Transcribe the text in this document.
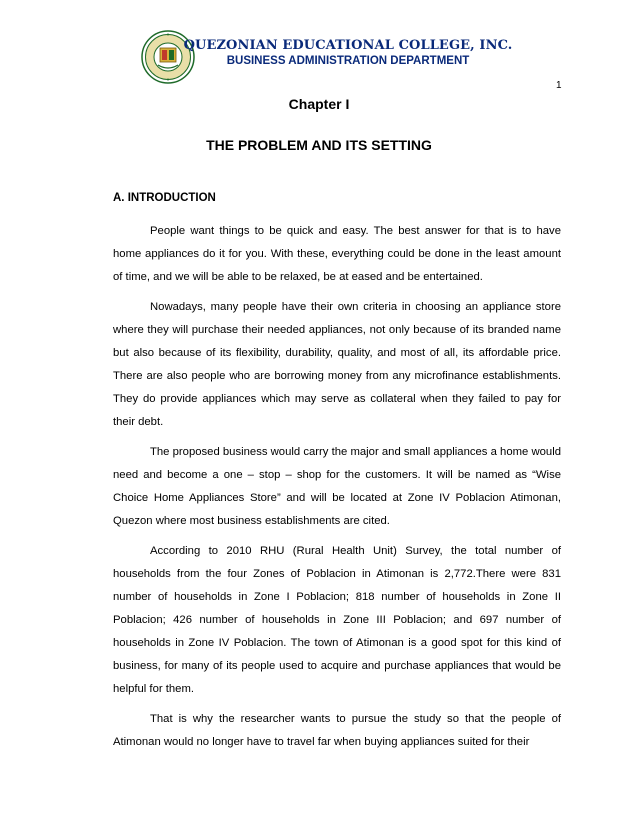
QUEZONIAN EDUCATIONAL COLLEGE, INC.
BUSINESS ADMINISTRATION DEPARTMENT
1
Chapter I
THE PROBLEM AND ITS SETTING
A. INTRODUCTION

People want things to be quick and easy. The best answer for that is to have home appliances do it for you. With these, everything could be done in the least amount of time, and we will be able to be relaxed, be at eased and be entertained.

Nowadays, many people have their own criteria in choosing an appliance store where they will purchase their needed appliances, not only because of its branded name but also because of its flexibility, durability, quality, and most of all, its affordable price. There are also people who are borrowing money from any microfinance establishments. They do provide appliances which may serve as collateral when they failed to pay for their debt.

The proposed business would carry the major and small appliances a home would need and become a one – stop – shop for the customers. It will be named as “Wise Choice Home Appliances Store” and will be located at Zone IV Poblacion Atimonan, Quezon where most business establishments are cited.

According to 2010 RHU (Rural Health Unit) Survey, the total number of households from the four Zones of Poblacion in Atimonan is 2,772.There were 831 number of households in Zone I Poblacion; 818 number of households in Zone II Poblacion; 426 number of households in Zone III Poblacion; and 697 number of households in Zone IV Poblacion. The town of Atimonan is a good spot for this kind of business, for many of its people used to acquire and purchase appliances that would be helpful for them.

That is why the researcher wants to pursue the study so that the people of Atimonan would no longer have to travel far when buying appliances suited for their
